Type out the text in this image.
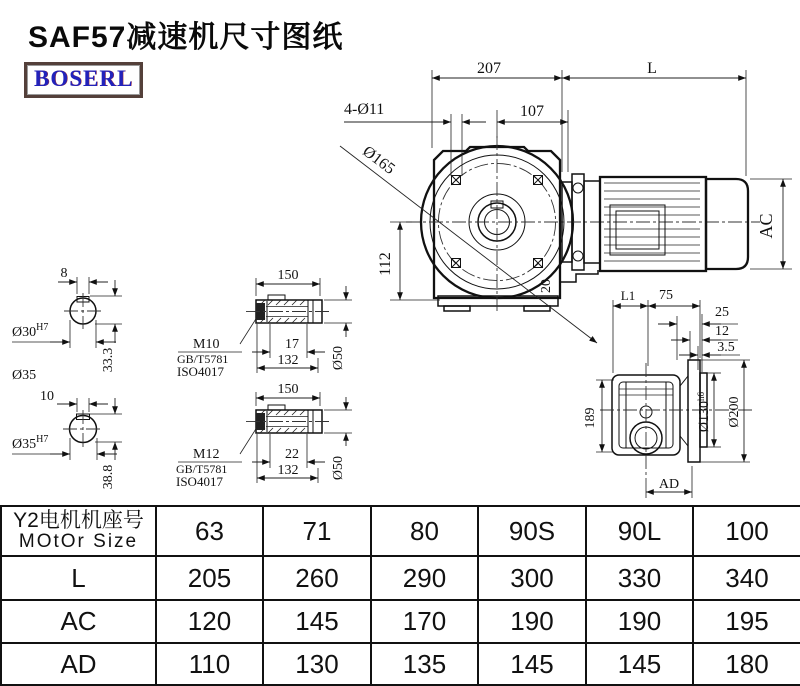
SAF57减速机尺寸图纸
BOSERL	207	L
107
4-Ø11
Ø165
112
AC
20
8
$Ø30^{H7}$
33.3
Ø35
10
$Ø35^{H7}$
38.8
150
Ø50
17
132
M10
GB/T5781
ISO4017
150
Ø50
22
132
M12
GB/T5781
ISO4017
L1 75
25
12
3.5
189	$Ø130^{h6}$	Ø200
AD
Y2电机机座号
MOtOr Size	63	71	80	90S	90L	100
L	205	260	290	300	330	340
AC	120	145	170	190	190	195
AD	110	130	135	145	145	180
